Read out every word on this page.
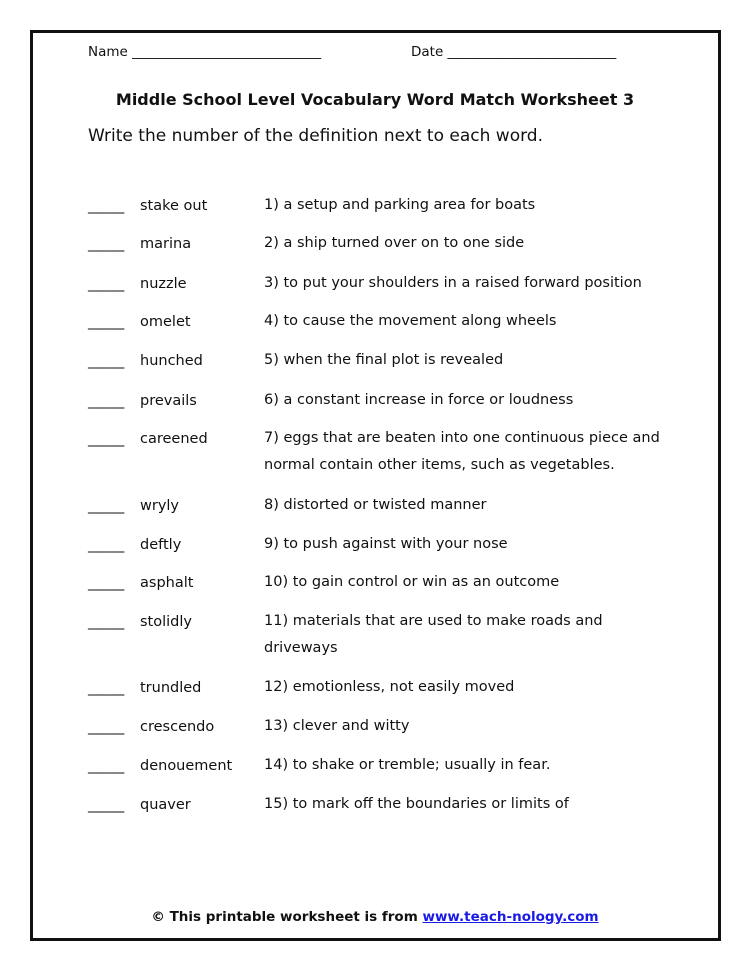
Name ____________________________	Date _________________________
Middle School Level Vocabulary Word Match Worksheet 3
Write the number of the definition next to each word.
_____ stake out	1) a setup and parking area for boats
_____ marina	2) a ship turned over on to one side
_____ nuzzle	3) to put your shoulders in a raised forward position
_____ omelet	4) to cause the movement along wheels
_____ hunched	5) when the final plot is revealed
_____ prevails	6) a constant increase in force or loudness
_____ careened	7) eggs that are beaten into one continuous piece and normal contain other items, such as vegetables.
_____ wryly	8) distorted or twisted manner
_____ deftly	9) to push against with your nose
_____ asphalt	10) to gain control or win as an outcome
_____ stolidly	11) materials that are used to make roads and driveways
_____ trundled	12) emotionless, not easily moved
_____ crescendo	13) clever and witty
_____ denouement 14) to shake or tremble; usually in fear.
_____ quaver	15) to mark off the boundaries or limits of
© This printable worksheet is from www.teach-nology.com
